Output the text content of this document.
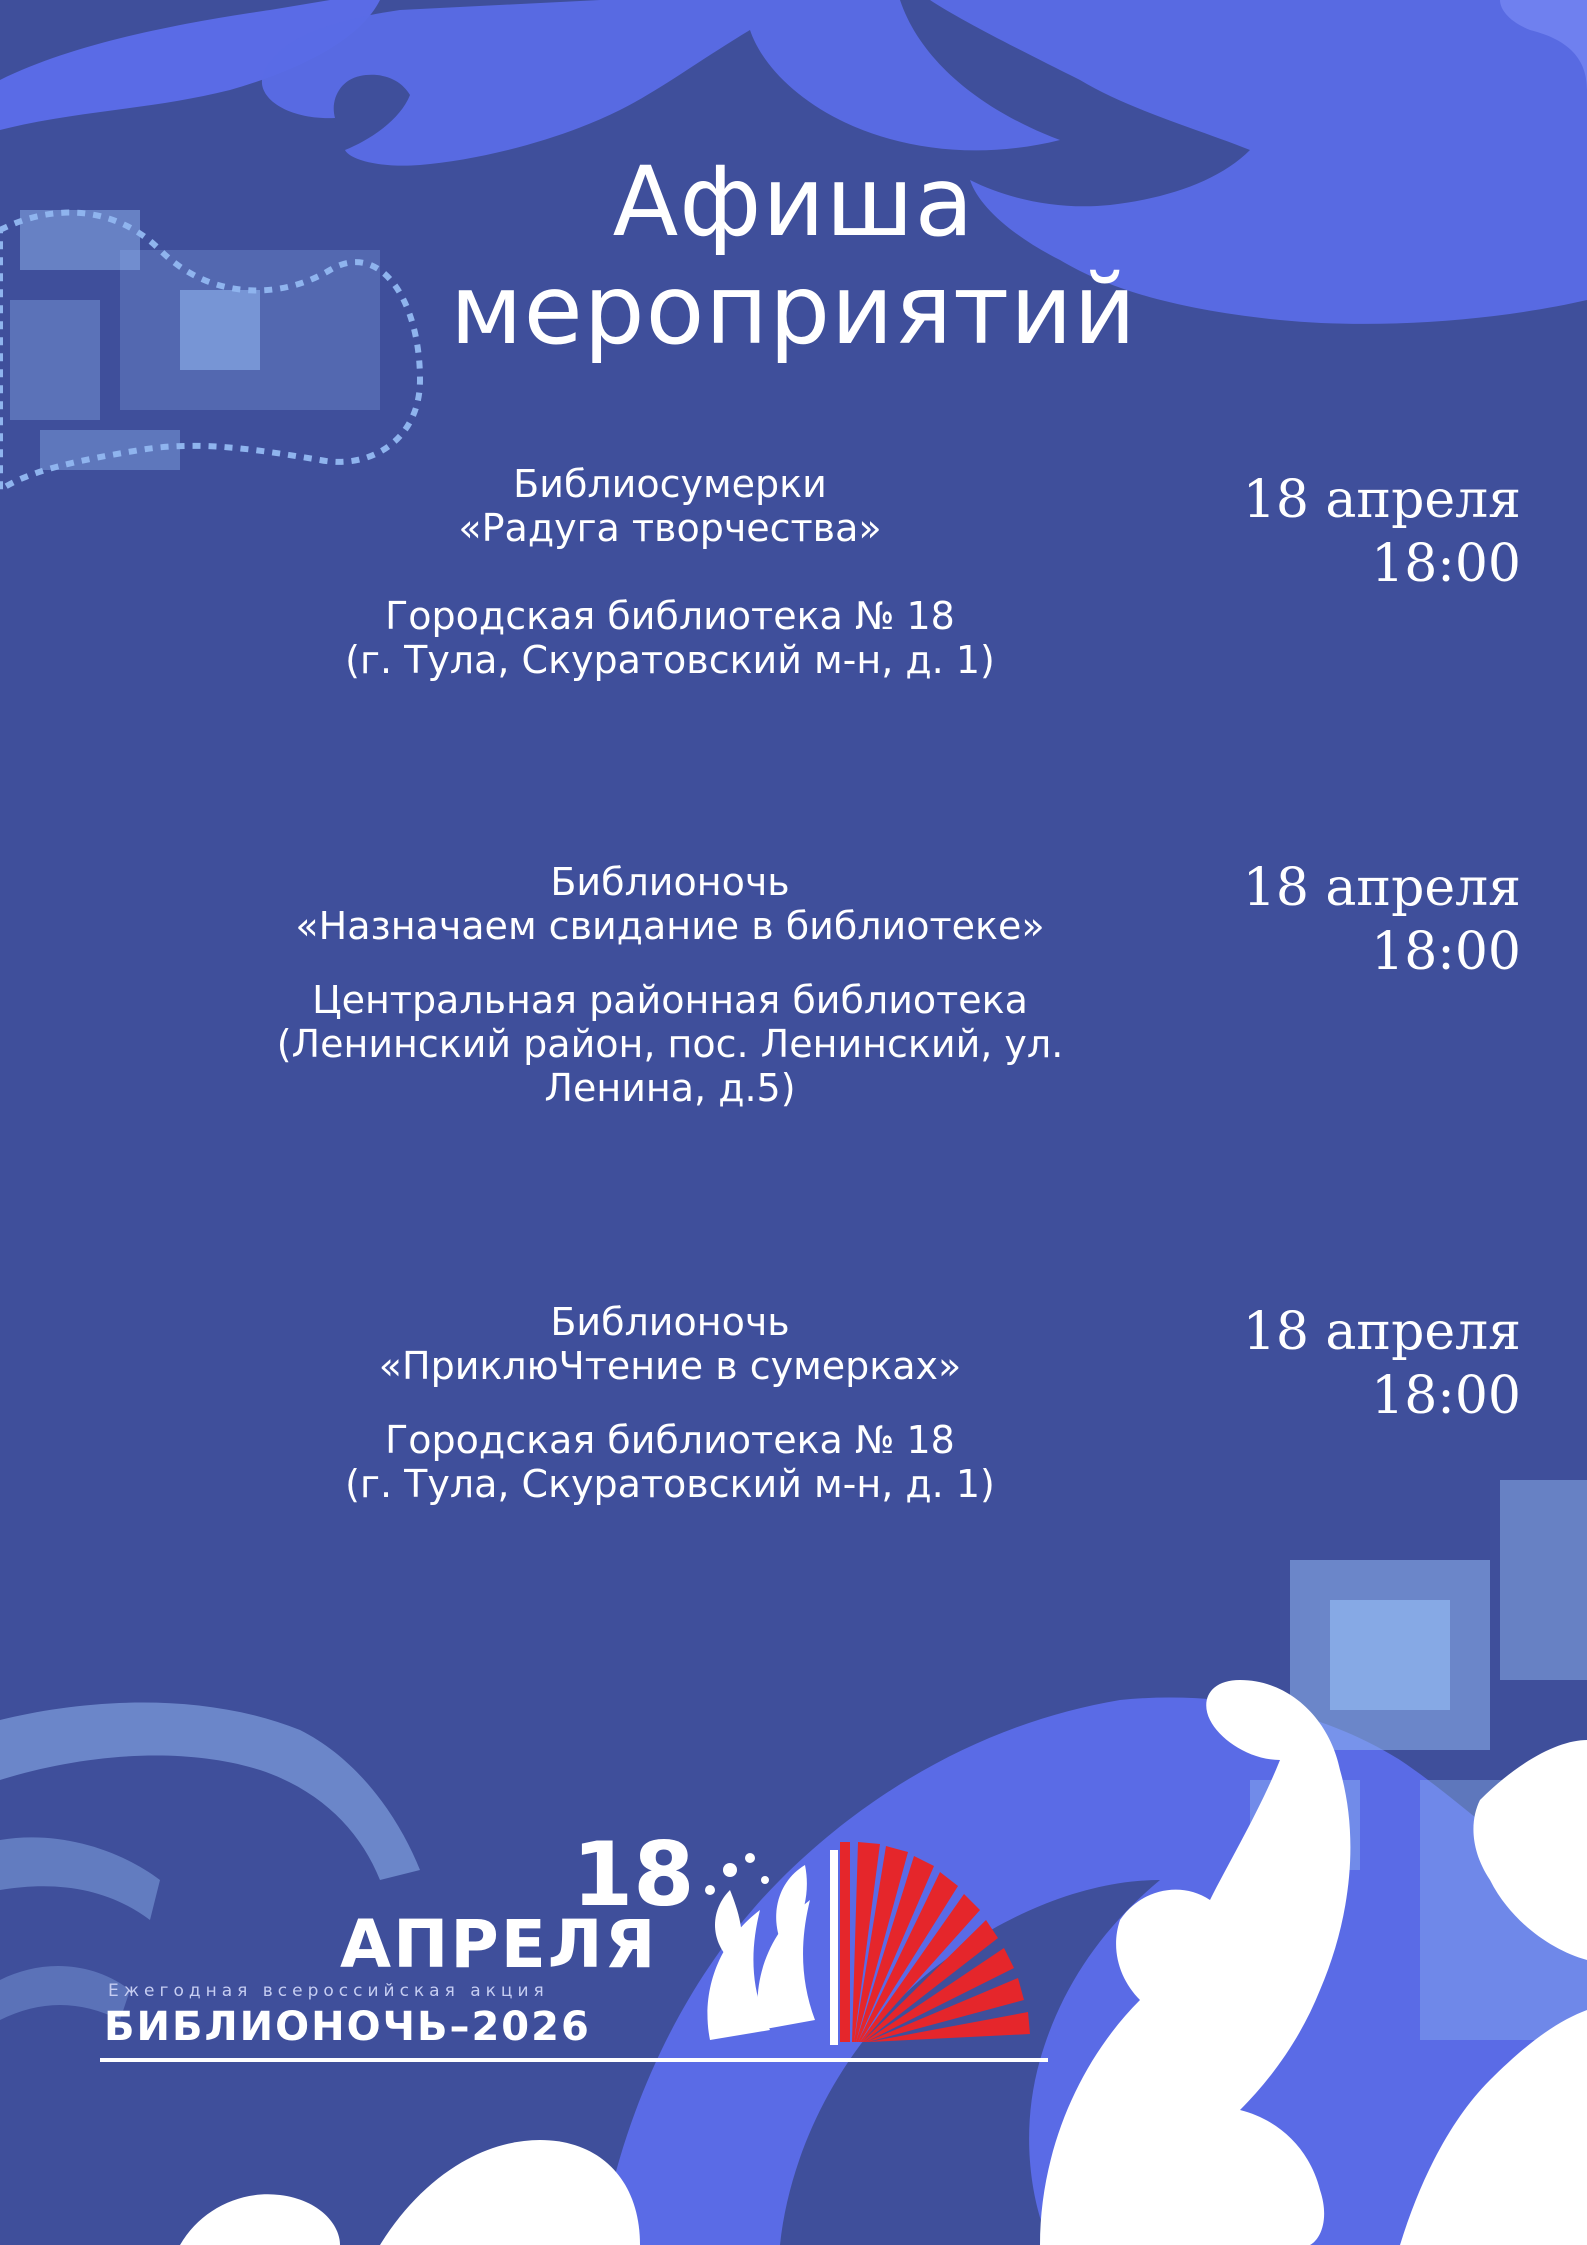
Афиша
мероприятий
Библиосумерки
«Радуга творчества»
Городская библиотека № 18
(г. Тула, Скуратовский м-н, д. 1)
18 апреля
18:00
Библионочь
«Назначаем свидание в библиотеке»
Центральная районная библиотека
(Ленинский район, пос. Ленинский, ул. Ленина, д.5)
18 апреля
18:00
Библионочь
«ПриклюЧтение в сумерках»
Городская библиотека № 18
(г. Тула, Скуратовский м-н, д. 1)
18 апреля
18:00
18
АПРЕЛЯ
Ежегодная всероссийская акция
БИБЛИОНОЧЬ–2026
